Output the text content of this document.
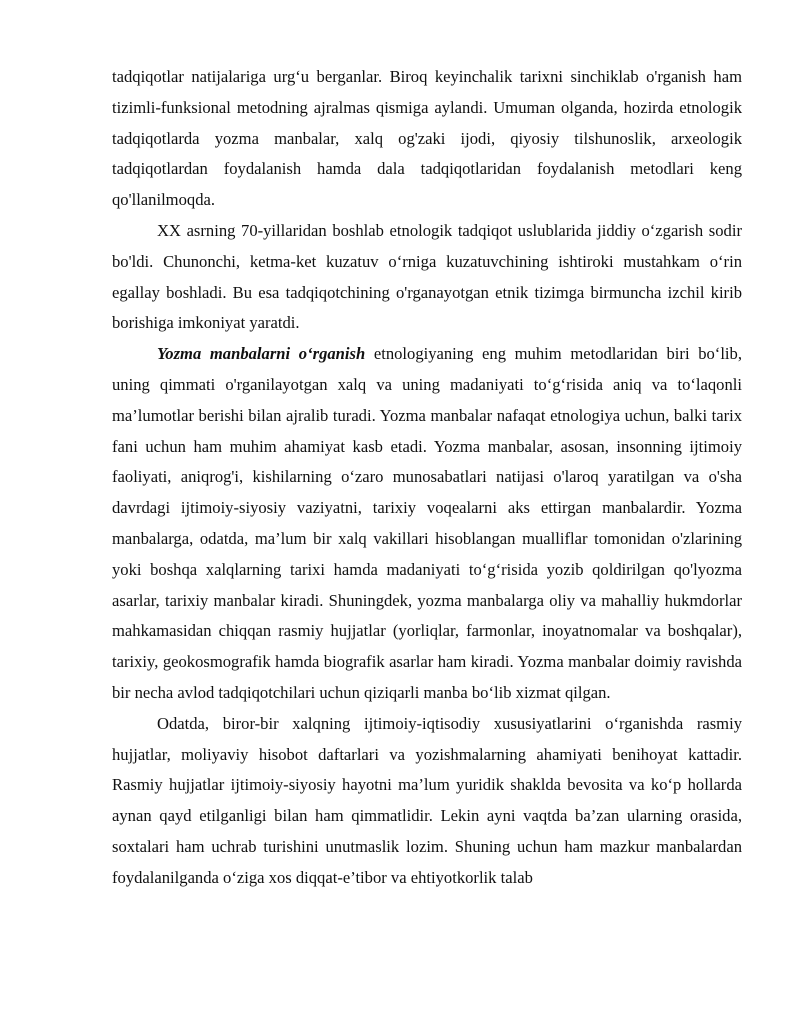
tadqiqotlar natijalariga urg‘u berganlar. Biroq keyinchalik tarixni sinchiklab o'rganish ham tizimli-funksional metodning ajralmas qismiga aylandi. Umuman olganda, hozirda etnologik tadqiqotlarda yozma manbalar, xalq og'zaki ijodi, qiyosiy tilshunoslik, arxeologik tadqiqotlardan foydalanish hamda dala tadqiqotlaridan foydalanish metodlari keng qo'llanilmoqda.

XX asrning 70-yillaridan boshlab etnologik tadqiqot uslublarida jiddiy o‘zgarish sodir bo'ldi. Chunonchi, ketma-ket kuzatuv o‘rniga kuzatuvchining ishtiroki mustahkam o‘rin egallay boshladi. Bu esa tadqiqotchining o'rganayotgan etnik tizimga birmuncha izchil kirib borishiga imkoniyat yaratdi.

Yozma manbalarni o‘rganish etnologiyaning eng muhim metodlaridan biri bo‘lib, uning qimmati o'rganilayotgan xalq va uning madaniyati to‘g‘risida aniq va to‘laqonli ma’lumotlar berishi bilan ajralib turadi. Yozma manbalar nafaqat etnologiya uchun, balki tarix fani uchun ham muhim ahamiyat kasb etadi. Yozma manbalar, asosan, insonning ijtimoiy faoliyati, aniqrog'i, kishilarning o‘zaro munosabatlari natijasi o'laroq yaratilgan va o'sha davrdagi ijtimoiy-siyosiy vaziyatni, tarixiy voqealarni aks ettirgan manbalardir. Yozma manbalarga, odatda, ma’lum bir xalq vakillari hisoblangan mualliflar tomonidan o'zlarining yoki boshqa xalqlarning tarixi hamda madaniyati to‘g‘risida yozib qoldirilgan qo'lyozma asarlar, tarixiy manbalar kiradi. Shuningdek, yozma manbalarga oliy va mahalliy hukmdorlar mahkamasidan chiqqan rasmiy hujjatlar (yorliqlar, farmonlar, inoyatnomalar va boshqalar), tarixiy, geokosmografik hamda biografik asarlar ham kiradi. Yozma manbalar doimiy ravishda bir necha avlod tadqiqotchilari uchun qiziqarli manba bo‘lib xizmat qilgan.

Odatda, biror-bir xalqning ijtimoiy-iqtisodiy xususiyatlarini o‘rganishda rasmiy hujjatlar, moliyaviy hisobot daftarlari va yozishmalarning ahamiyati benihoyat kattadir. Rasmiy hujjatlar ijtimoiy-siyosiy hayotni ma’lum yuridik shaklda bevosita va ko‘p hollarda aynan qayd etilganligi bilan ham qimmatlidir. Lekin ayni vaqtda ba’zan ularning orasida, soxtalari ham uchrab turishini unutmaslik lozim. Shuning uchun ham mazkur manbalardan foydalanilganda o‘ziga xos diqqat-e’tibor va ehtiyotkorlik talab
